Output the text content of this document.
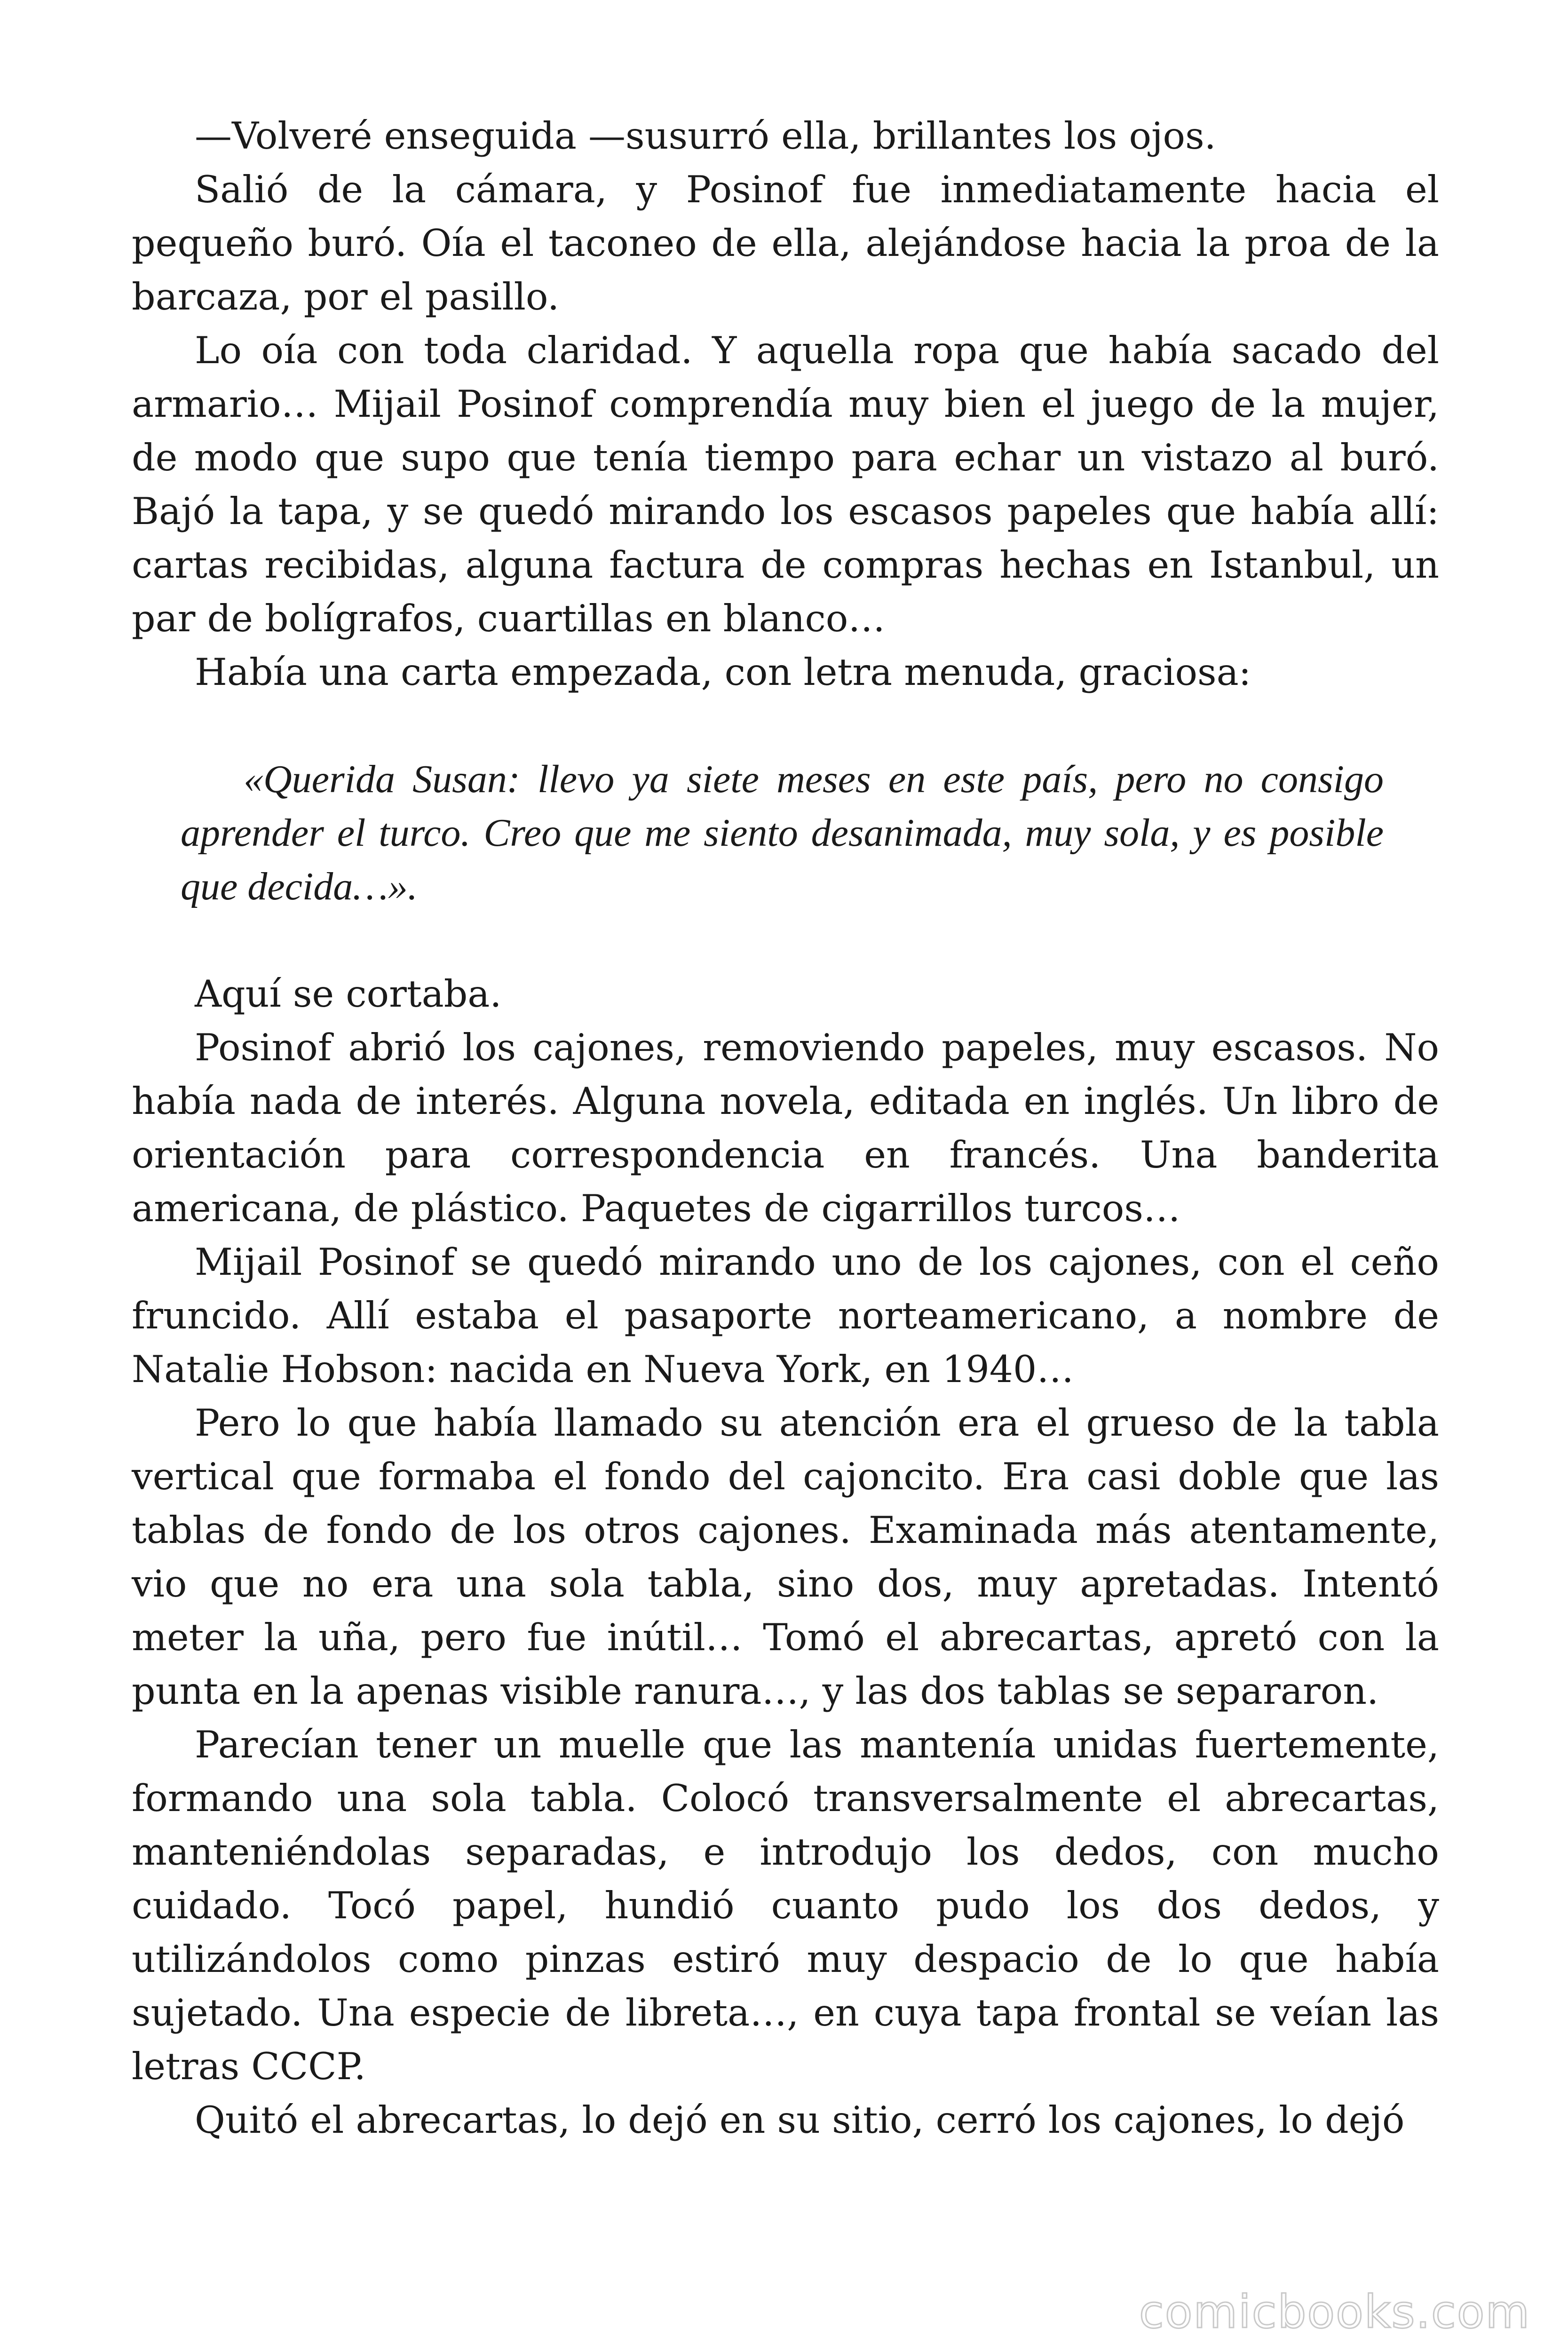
—Volveré enseguida —susurró ella, brillantes los ojos.

Salió de la cámara, y Posinof fue inmediatamente hacia el pequeño buró. Oía el taconeo de ella, alejándose hacia la proa de la barcaza, por el pasillo.

Lo oía con toda claridad. Y aquella ropa que había sacado del armario… Mijail Posinof comprendía muy bien el juego de la mujer, de modo que supo que tenía tiempo para echar un vistazo al buró. Bajó la tapa, y se quedó mirando los escasos papeles que había allí: cartas recibidas, alguna factura de compras hechas en Istanbul, un par de bolígrafos, cuartillas en blanco…

Había una carta empezada, con letra menuda, graciosa:

«Querida Susan: llevo ya siete meses en este país, pero no consigo aprender el turco. Creo que me siento desanimada, muy sola, y es posible que decida…».

Aquí se cortaba.

Posinof abrió los cajones, removiendo papeles, muy escasos. No había nada de interés. Alguna novela, editada en inglés. Un libro de orientación para correspondencia en francés. Una banderita americana, de plástico. Paquetes de cigarrillos turcos…

Mijail Posinof se quedó mirando uno de los cajones, con el ceño fruncido. Allí estaba el pasaporte norteamericano, a nombre de Natalie Hobson: nacida en Nueva York, en 1940…

Pero lo que había llamado su atención era el grueso de la tabla vertical que formaba el fondo del cajoncito. Era casi doble que las tablas de fondo de los otros cajones. Examinada más atentamente, vio que no era una sola tabla, sino dos, muy apretadas. Intentó meter la uña, pero fue inútil… Tomó el abrecartas, apretó con la punta en la apenas visible ranura…, y las dos tablas se separaron.

Parecían tener un muelle que las mantenía unidas fuertemente, formando una sola tabla. Colocó transversalmente el abrecartas, manteniéndolas separadas, e introdujo los dedos, con mucho cuidado. Tocó papel, hundió cuanto pudo los dos dedos, y utilizándolos como pinzas estiró muy despacio de lo que había sujetado. Una especie de libreta…, en cuya tapa frontal se veían las letras CCCP.

Quitó el abrecartas, lo dejó en su sitio, cerró los cajones, lo dejó

comicbooks.com
